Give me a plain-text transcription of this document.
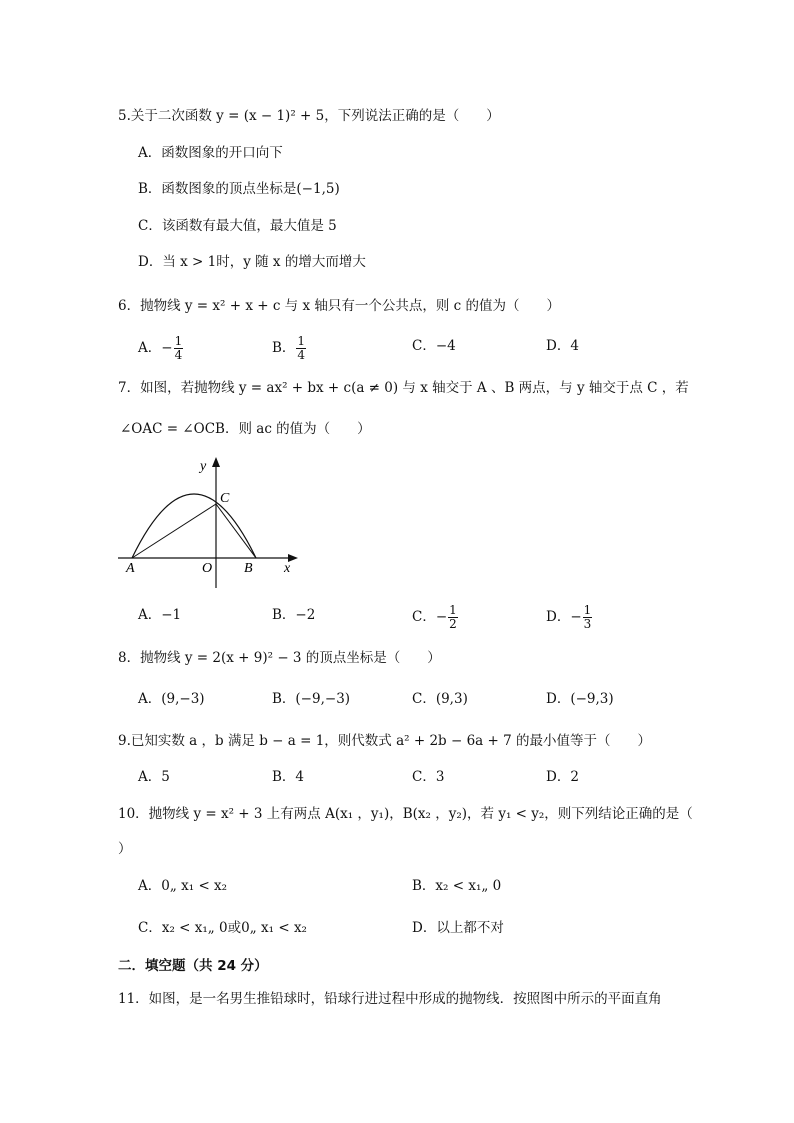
5.关于二次函数 y = (x − 1)² + 5，下列说法正确的是（　　）
A．函数图象的开口向下
B．函数图象的顶点坐标是(−1,5)
C．该函数有最大值，最大值是 5
D．当 x > 1时，y 随 x 的增大而增大
6．抛物线 y = x² + x + c 与 x 轴只有一个公共点，则 c 的值为（　　）
A．− $\frac{1}{4}$	B． $\frac{1}{4}$	C．−4	D．4
7．如图，若抛物线 y = ax² + bx + c(a ≠ 0) 与 x 轴交于 A 、B 两点，与 y 轴交于点 C ，若
∠OAC = ∠OCB．则 ac 的值为（　　）
y
x
A	O B
C
A．−1	B．−2	C．− $\frac{1}{2}$	D．− $\frac{1}{3}$
8．抛物线 y = 2(x + 9)² − 3 的顶点坐标是（　　）
A．(9,−3)	B．(−9,−3)	C．(9,3)	D．(−9,3)
9.已知实数 a ，b 满足 b − a = 1，则代数式 a² + 2b − 6a + 7 的最小值等于（　　）
A．5	B．4	C．3	D．2
10．抛物线 y = x² + 3 上有两点 A(x₁ ，y₁)，B(x₂ ，y₂)，若 y₁ < y₂，则下列结论正确的是（
）
A．0„ x₁ < x₂	B．x₂ < x₁„ 0
C．x₂ < x₁„ 0或0„ x₁ < x₂	D．以上都不对
二．填空题（共 24 分）
11．如图，是一名男生推铅球时，铅球行进过程中形成的抛物线．按照图中所示的平面直角
